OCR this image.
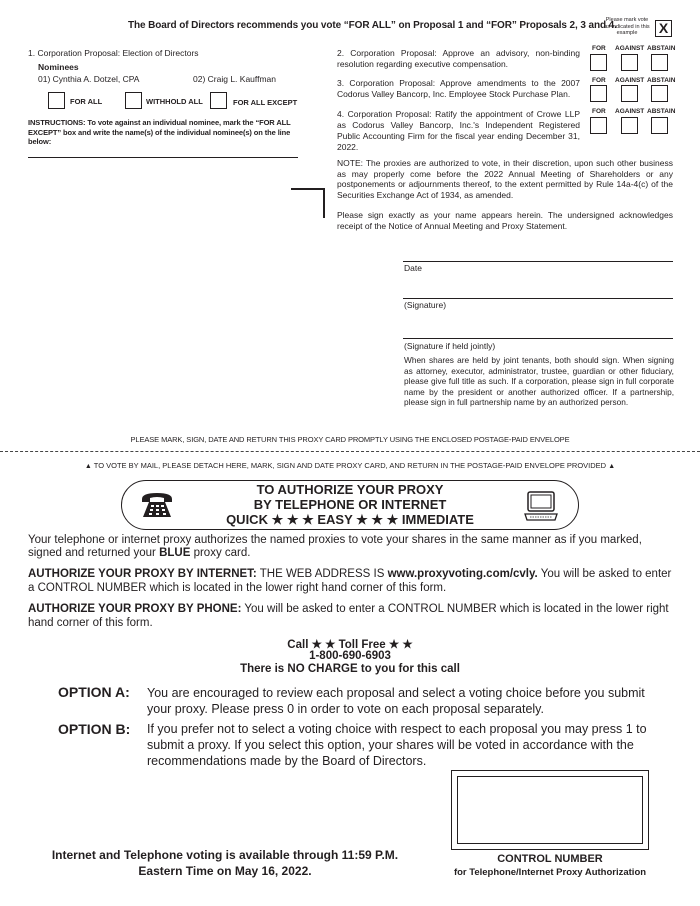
The Board of Directors recommends you vote “FOR ALL” on Proposal 1 and “FOR” Proposals 2, 3 and 4.
Please mark vote as indicated in this example	X
1. Corporation Proposal: Election of Directors
Nominees
01) Cynthia A. Dotzel, CPA	02) Craig L. Kauffman
FOR ALL	WITHHOLD ALL	FOR ALL EXCEPT
INSTRUCTIONS: To vote against an individual nominee, mark the “FOR ALL EXCEPT” box and write the name(s) of the individual nominee(s) on the line below:
FOR AGAINST ABSTAIN
2. Corporation Proposal: Approve an advisory, non-binding resolution regarding executive compensation.
FOR AGAINST ABSTAIN
3. Corporation Proposal: Approve amendments to the 2007 Codorus Valley Bancorp, Inc. Employee Stock Purchase Plan.
FOR AGAINST ABSTAIN
4. Corporation Proposal: Ratify the appointment of Crowe LLP as Codorus Valley Bancorp, Inc.'s Independent Registered Public Accounting Firm for the fiscal year ending December 31, 2022.
NOTE: The proxies are authorized to vote, in their discretion, upon such other business as may properly come before the 2022 Annual Meeting of Shareholders or any postponements or adjournments thereof, to the extent permitted by Rule 14a-4(c) of the Securities Exchange Act of 1934, as amended.
Please sign exactly as your name appears herein. The undersigned acknowledges receipt of the Notice of Annual Meeting and Proxy Statement.
Date
(Signature)
(Signature if held jointly)
When shares are held by joint tenants, both should sign. When signing as attorney, executor, administrator, trustee, guardian or other fiduciary, please give full title as such. If a corporation, please sign in full corporate name by the president or another authorized officer. If a partnership, please sign in full partnership name by an authorized person.
PLEASE MARK, SIGN, DATE AND RETURN THIS PROXY CARD PROMPTLY USING THE ENCLOSED POSTAGE-PAID ENVELOPE
▲ TO VOTE BY MAIL, PLEASE DETACH HERE, MARK, SIGN AND DATE PROXY CARD, AND RETURN IN THE POSTAGE-PAID ENVELOPE PROVIDED ▲
TO AUTHORIZE YOUR PROXY
BY TELEPHONE OR INTERNET
QUICK ★ ★ ★ EASY ★ ★ ★ IMMEDIATE
Your telephone or internet proxy authorizes the named proxies to vote your shares in the same manner as if you marked, signed and returned your BLUE proxy card.
AUTHORIZE YOUR PROXY BY INTERNET: THE WEB ADDRESS IS www.proxyvoting.com/cvly. You will be asked to enter a CONTROL NUMBER which is located in the lower right hand corner of this form.
AUTHORIZE YOUR PROXY BY PHONE: You will be asked to enter a CONTROL NUMBER which is located in the lower right hand corner of this form.
Call ★ ★ Toll Free ★ ★
1-800-690-6903
There is NO CHARGE to you for this call
OPTION A: You are encouraged to review each proposal and select a voting choice before you submit your proxy. Please press 0 in order to vote on each proposal separately.
OPTION B: If you prefer not to select a voting choice with respect to each proposal you may press 1 to submit a proxy. If you select this option, your shares will be voted in accordance with the recommendations made by the Board of Directors.
Internet and Telephone voting is available through 11:59 P.M.
Eastern Time on May 16, 2022.
CONTROL NUMBER
for Telephone/Internet Proxy Authorization
